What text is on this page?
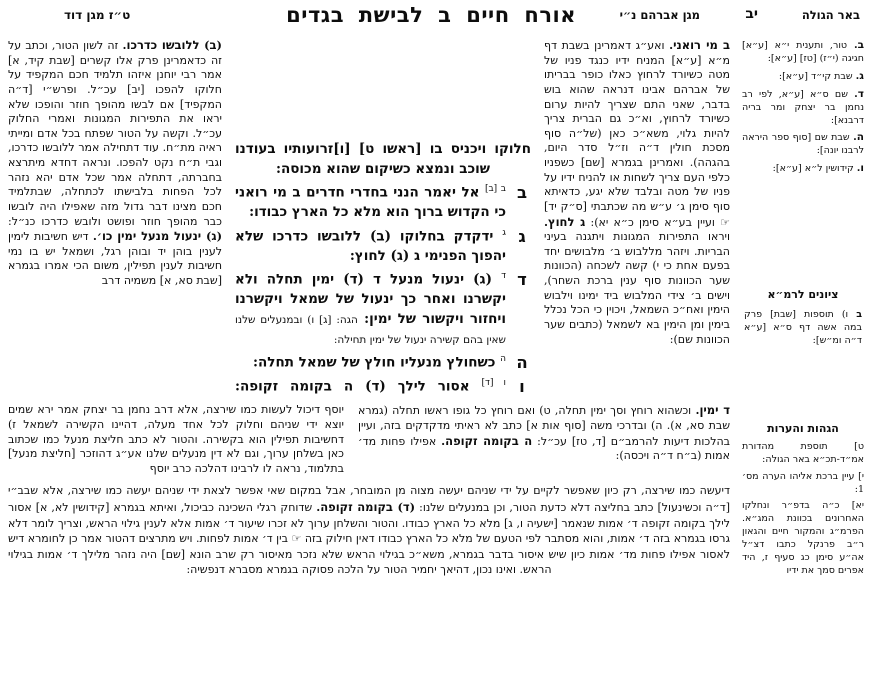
באר הגולה
יב
מגן אברהם נ״י
אורח חיים ב לבישת בגדים
ט״ז מגן דוד

ב. טור, ותענית י״א [ע״א] חגיגה (י״ז) [טז] [ע״א]:

ג. שבת קי״ד [ע״א]:

ד. שם ס״א [ע״א, לפי רב נחמן בר יצחק ומר בריה דרבנא]:

ה. שבת שם [סוף ספר היראה לרבנו יונה]:

ו. קידושין ל״א [ע״א]:

ציונים לרמ״א

ב ו) תוספות [שבת] פרק במה אשה דף ס״א [ע״א ד״ה ומ״ש]:

הגהות והערות

ט] תוספת מהדורת אמ״ד-תכ״א באר הגולה:

י] עיין ברכת אליהו הערה מס׳ 1:

יא] כ״ה בדפ״ר ונחלקו האחרונים בכוונת המג״א. הפרמ״ג והמקור חיים והגאון ר״ב פרנקל כתבו דצ״ל אה״ע סימן כג סעיף ז, היד אפרים סמך את ידיו

ב מי רואני. ואע״ג דאמרינן בשבת דף מ״א [ע״א] המניח ידיו כנגד פניו של מטה כשיורד לרחוץ כאלו כופר בבריתו של אברהם אבינו דנראה שהוא בוש בדבר, שאני התם שצריך להיות ערום כשיורד לרחוץ, וא״כ גם הברית צריך להיות גלוי, משא״כ כאן (של״ה סוף מסכת חולין ד״ה וז״ל סדר היום, בהגהה). ואמרינן בגמרא [שם] כשפניו כלפי העם צריך לשחות או להניח ידיו על פניו של מטה ובלבד שלא יגע, כדאיתא סוף סימן ג׳ ע״ש מה שכתבתי [ס״ק יד] ☞ ועיין בע״א סימן כ״א יא): ג לחוץ. ויראו התפירות המגונות ויתגנה בעיני הבריות. ויזהר מללבוש ב׳ מלבושים יחד בפעם אחת כי י) קשה לשכחה (הכוונות שער הכוונות סוף ענין ברכת השחר), וישים ב׳ צידי המלבוש ביד ימינו וילבוש הימין ואח״כ השמאל, ויכוין כי הכל נכלל בימין ומן הימין בא לשמאל (כתבים שער הכוונות שם):

חלוקו ויכניס בו [ראשו ט] [ו]זרועותיו בעודנו שוכב ונמצא כשיקום שהוא מכוסה:

ב

$^{ב [ב]}$ אל יאמר הנני בחדרי חדרים ב מי רואני כי הקדוש ברוך הוא מלא כל הארץ כבודו:

ג

$^ג$ ידקדק בחלוקו (ב) ללובשו כדרכו שלא יהפוך הפנימי ג (ג) לחוץ:

ד

$^ד$ (ג) ינעול מנעל ד (ד) ימין תחלה ולא יקשרנו ואחר כך ינעול של שמאל ויקשרנו ויחזור ויקשור של ימין: הגה: [ג] ו) ובמנעלים שלנו שאין בהם קשירה ינעול של ימין תחילה:

ה

$^ה$ כשחולץ מנעליו חולץ של שמאל תחלה:

ו

$^{ו [ד]}$ אסור לילך (ד) ה בקומה זקופה:

(ב) ללובשו כדרכו. זה לשון הטור, וכתב על זה כדאמרינן פרק אלו קשרים [שבת קיד, א] אמר רבי יוחנן איזהו תלמיד חכם המקפיד על חלוקו להפכו [יב] עכ״ל. ופרש״י [ד״ה המקפיד] אם לבשו מהופך חוזר והופכו שלא יראו את התפירות המגונות ואמרי החלוק עכ״ל. וקשה על הטור שפתח בכל אדם ומייתי ראיה מת״ח. עוד דתחילה אמר ללובשו כדרכו, וגבי ת״ח נקט להפכו. ונראה דחדא מיתרצא בחברתה, דתחלה אמר שכל אדם יהא נזהר לכל הפחות בלבישתו לכתחלה, שבתלמיד חכם מצינו דבר גדול מזה שאפילו היה לובשו כבר מהופך חוזר ופושט ולובש כדרכו כנ״ל: (ג) ינעול מנעל ימין כו׳. דיש חשיבות לימין לענין בוהן יד ובוהן רגל, ושמאל יש בו נמי חשיבות לענין תפילין, משום הכי אמרו בגמרא [שבת סא, א] משמיה דרב

ד ימין. וכשהוא רוחץ וסך ימין תחלה, ט) ואם רוחץ כל גופו ראשו תחלה (גמרא שבת סא, א). ה) ובדרכי משה [סוף אות א] כתב לא ראיתי מדקדקים בזה, ועיין בהלכות דיעות להרמב״ם [ד, טז] עכ״ל: ה בקומה זקופה. אפילו פחות מד׳ אמות (ב״ח ד״ה ויכסה):

יוסף דיכול לעשות כמו שירצה, אלא דרב נחמן בר יצחק אמר ירא שמים יוצא ידי שניהם וחלוק לכל אחד מעלה, דהיינו הקשירה לשמאל ז) דחשיבות תפילין הוא בקשירה. והטור לא כתב חליצת מנעל כמו שכתוב כאן בשלחן ערוך, וגם לא דין מנעלים שלנו אע״ג דהוזכר [חליצת מנעל] בתלמוד, נראה לו לרבינו דהלכה כרב יוסף

דיעשה כמו שירצה, רק כיון שאפשר לקיים על ידי שניהם יעשה מצוה מן המובחר, אבל במקום שאי אפשר לצאת ידי שניהם יעשה כמו שירצה, אלא שבב״י [ד״ה וכשינעול] כתב בחליצה דלא כדעת הטור, וכן במנעלים שלנו: (ד) בקומה זקופה. שדוחק רגלי השכינה כביכול, ואיתא בגמרא [קידושין לא, א] אסור לילך בקומה זקופה ד׳ אמות שנאמר [ישעיה ו, ג] מלא כל הארץ כבודו. והטור והשלחן ערוך לא זכרו שיעור ד׳ אמות אלא לענין גילוי הראש, וצריך לומר דלא גרסו בגמרא בזה ד׳ אמות, והוא מסתבר לפי הטעם של מלא כל הארץ כבודו דאין חילוק בזה ☞ בין ד׳ אמות לפחות. ויש מתרצים דהטור אמר כן לחומרא דיש לאסור אפילו פחות מד׳ אמות כיון שיש איסור בדבר בגמרא, משא״כ בגילוי הראש שלא נזכר מאיסור רק שרב הונא [שם] היה נזהר מלילך ד׳ אמות בגילוי הראש. ואינו נכון, דהיאך יחמיר הטור על הלכה פסוקה בגמרא מסברא דנפשיה:
